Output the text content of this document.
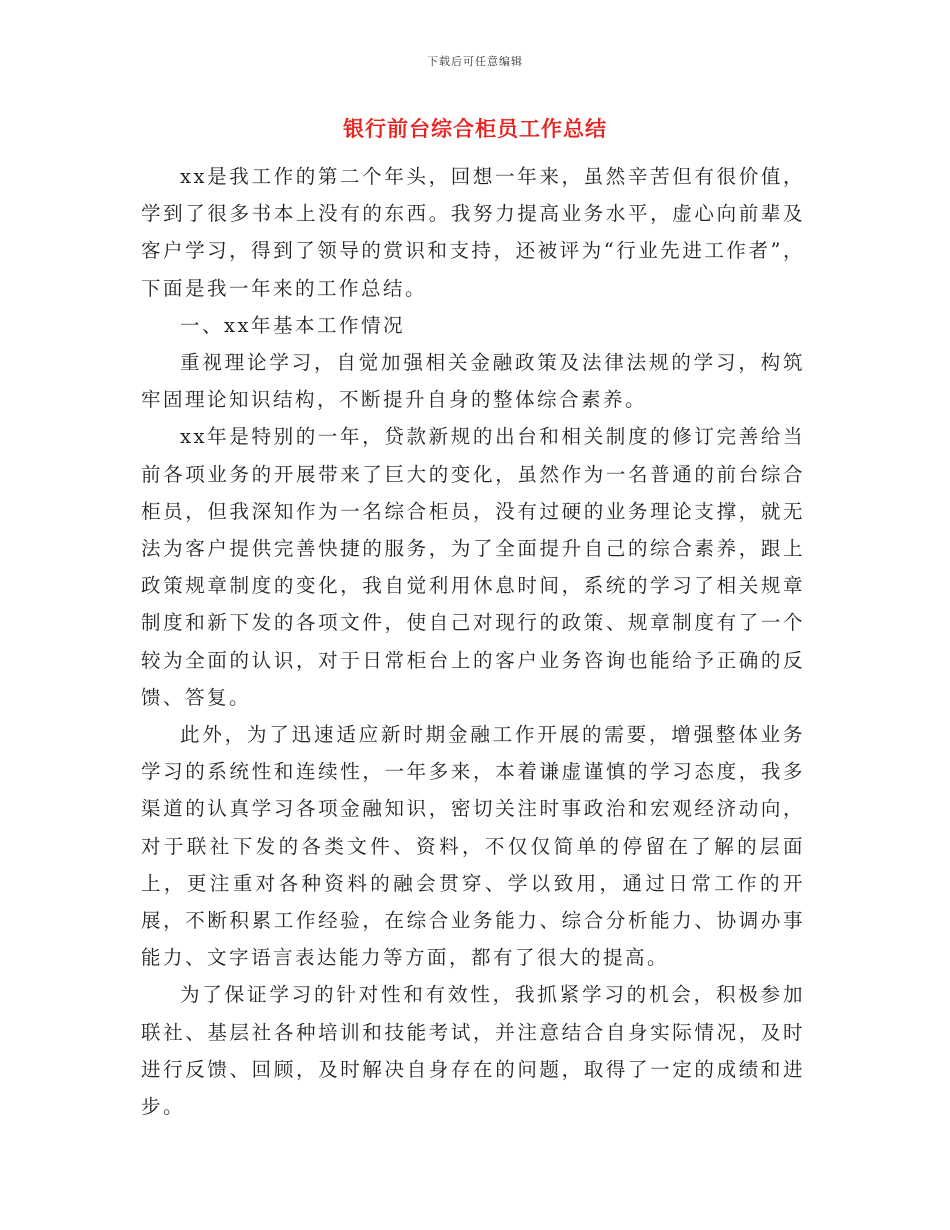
下载后可任意编辑
银行前台综合柜员工作总结

xx是我工作的第二个年头，回想一年来，虽然辛苦但有很价值，学到了很多书本上没有的东西。我努力提高业务水平，虚心向前辈及客户学习，得到了领导的赏识和支持，还被评为“行业先进工作者”，下面是我一年来的工作总结。

一、xx年基本工作情况

重视理论学习，自觉加强相关金融政策及法律法规的学习，构筑牢固理论知识结构，不断提升自身的整体综合素养。

xx年是特别的一年，贷款新规的出台和相关制度的修订完善给当前各项业务的开展带来了巨大的变化，虽然作为一名普通的前台综合柜员，但我深知作为一名综合柜员，没有过硬的业务理论支撑，就无法为客户提供完善快捷的服务，为了全面提升自己的综合素养，跟上政策规章制度的变化，我自觉利用休息时间，系统的学习了相关规章制度和新下发的各项文件，使自己对现行的政策、规章制度有了一个较为全面的认识，对于日常柜台上的客户业务咨询也能给予正确的反馈、答复。

此外，为了迅速适应新时期金融工作开展的需要，增强整体业务学习的系统性和连续性，一年多来，本着谦虚谨慎的学习态度，我多渠道的认真学习各项金融知识，密切关注时事政治和宏观经济动向，对于联社下发的各类文件、资料，不仅仅简单的停留在了解的层面上，更注重对各种资料的融会贯穿、学以致用，通过日常工作的开展，不断积累工作经验，在综合业务能力、综合分析能力、协调办事能力、文字语言表达能力等方面，都有了很大的提高。

为了保证学习的针对性和有效性，我抓紧学习的机会，积极参加联社、基层社各种培训和技能考试，并注意结合自身实际情况，及时进行反馈、回顾，及时解决自身存在的问题，取得了一定的成绩和进步。
